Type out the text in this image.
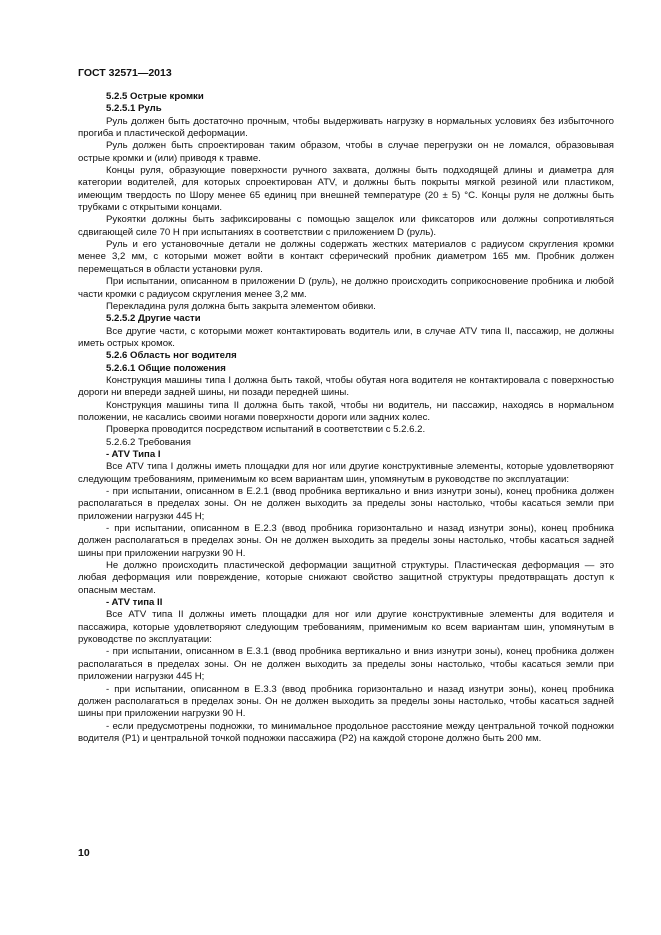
ГОСТ 32571—2013

5.2.5 Острые кромки

5.2.5.1 Руль

Руль должен быть достаточно прочным, чтобы выдерживать нагрузку в нормальных условиях без избыточного прогиба и пластической деформации.

Руль должен быть спроектирован таким образом, чтобы в случае перегрузки он не ломался, образовывая острые кромки и (или) приводя к травме.

Концы руля, образующие поверхности ручного захвата, должны быть подходящей длины и диаметра для категории водителей, для которых спроектирован ATV, и должны быть покрыты мягкой резиной или пластиком, имеющим твердость по Шору менее 65 единиц при внешней температуре (20 ± 5) °С. Концы руля не должны быть трубками с открытыми концами.

Рукоятки должны быть зафиксированы с помощью защелок или фиксаторов или должны сопротивляться сдвигающей силе 70 Н при испытаниях в соответствии с приложением D (руль).

Руль и его установочные детали не должны содержать жестких материалов с радиусом скругления кромки менее 3,2 мм, с которыми может войти в контакт сферический пробник диаметром 165 мм. Пробник должен перемещаться в области установки руля.

При испытании, описанном в приложении D (руль), не должно происходить соприкосновение пробника и любой части кромки с радиусом скругления менее 3,2 мм.

Перекладина руля должна быть закрыта элементом обивки.

5.2.5.2 Другие части

Все другие части, с которыми может контактировать водитель или, в случае ATV типа II, пассажир, не должны иметь острых кромок.

5.2.6 Область ног водителя

5.2.6.1 Общие положения

Конструкция машины типа I должна быть такой, чтобы обутая нога водителя не контактировала с поверхностью дороги ни впереди задней шины, ни позади передней шины.

Конструкция машины типа II должна быть такой, чтобы ни водитель, ни пассажир, находясь в нормальном положении, не касались своими ногами поверхности дороги или задних колес.

Проверка проводится посредством испытаний в соответствии с 5.2.6.2.

5.2.6.2 Требования

- ATV Типа I

Все ATV типа I должны иметь площадки для ног или другие конструктивные элементы, которые удовлетворяют следующим требованиям, применимым ко всем вариантам шин, упомянутым в руководстве по эксплуатации:

- при испытании, описанном в Е.2.1 (ввод пробника вертикально и вниз изнутри зоны), конец пробника должен располагаться в пределах зоны. Он не должен выходить за пределы зоны настолько, чтобы касаться земли при приложении нагрузки 445 Н;

- при испытании, описанном в Е.2.3 (ввод пробника горизонтально и назад изнутри зоны), конец пробника должен располагаться в пределах зоны. Он не должен выходить за пределы зоны настолько, чтобы касаться задней шины при приложении нагрузки 90 Н.

Не должно происходить пластической деформации защитной структуры. Пластическая деформация — это любая деформация или повреждение, которые снижают свойство защитной структуры предотвращать доступ к опасным местам.

- ATV типа II

Все ATV типа II должны иметь площадки для ног или другие конструктивные элементы для водителя и пассажира, которые удовлетворяют следующим требованиям, применимым ко всем вариантам шин, упомянутым в руководстве по эксплуатации:

- при испытании, описанном в Е.3.1 (ввод пробника вертикально и вниз изнутри зоны), конец пробника должен располагаться в пределах зоны. Он не должен выходить за пределы зоны настолько, чтобы касаться земли при приложении нагрузки 445 Н;

- при испытании, описанном в Е.3.3 (ввод пробника горизонтально и назад изнутри зоны), конец пробника должен располагаться в пределах зоны. Он не должен выходить за пределы зоны настолько, чтобы касаться задней шины при приложении нагрузки 90 Н.

- если предусмотрены подножки, то минимальное продольное расстояние между центральной точкой подножки водителя (Р1) и центральной точкой подножки пассажира (Р2) на каждой стороне должно быть 200 мм.

10
